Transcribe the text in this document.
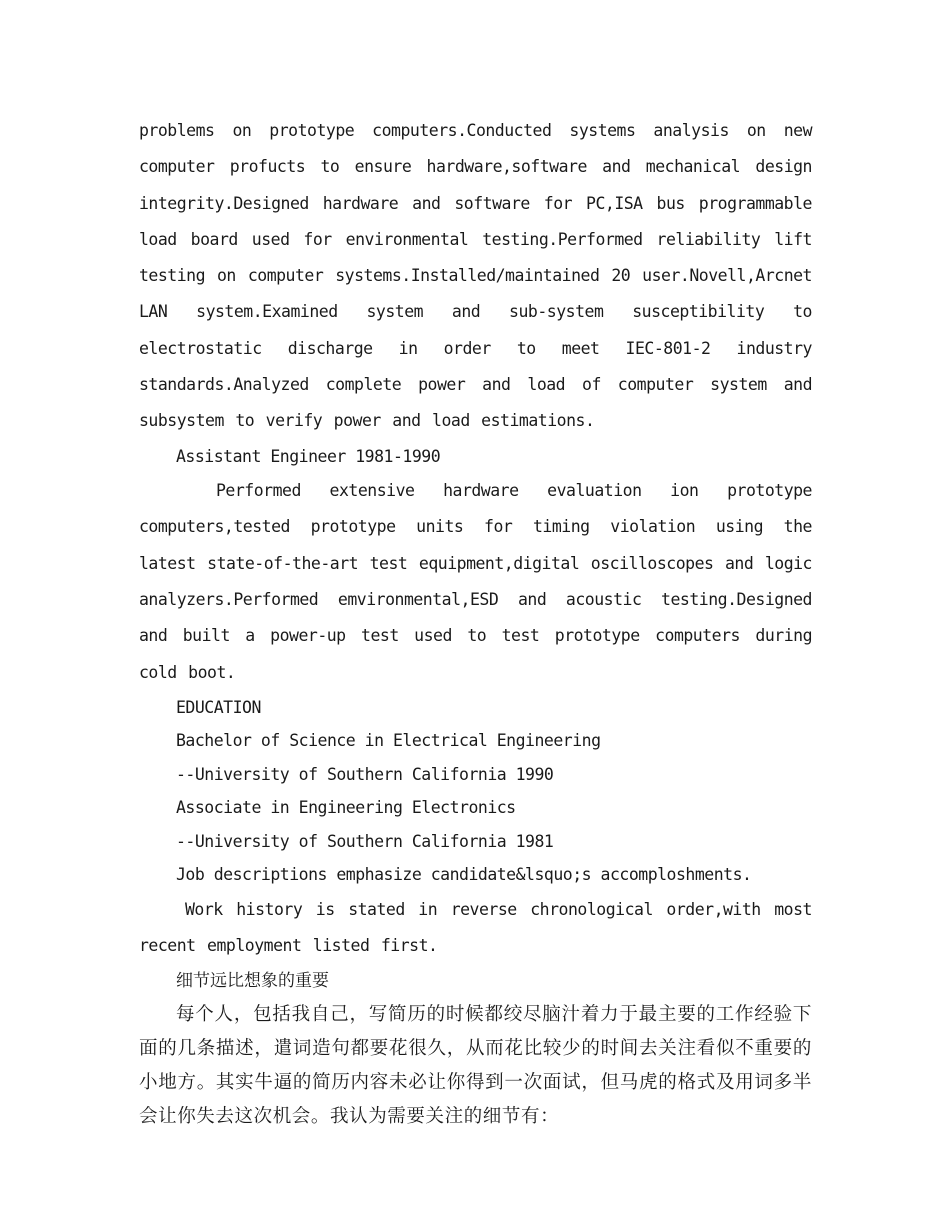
problems on prototype computers.Conducted systems analysis on new computer profucts to ensure hardware,software and mechanical design integrity.Designed hardware and software for PC,ISA bus programmable load board used for environmental testing.Performed reliability lift testing on computer systems.Installed/maintained 20 user.Novell,Arcnet LAN system.Examined system and sub-system susceptibility to electrostatic discharge in order to meet IEC-801-2 industry standards.Analyzed complete power and load of computer system and subsystem to verify power and load estimations.

Assistant Engineer 1981-1990

Performed extensive hardware evaluation ion prototype computers,tested prototype units for timing violation using the latest state-of-the-art test equipment,digital oscilloscopes and logic analyzers.Performed emvironmental,ESD and acoustic testing.Designed and built a power-up test used to test prototype computers during cold boot.

EDUCATION

Bachelor of Science in Electrical Engineering

--University of Southern California 1990

Associate in Engineering Electronics

--University of Southern California 1981

Job descriptions emphasize candidate&lsquo;s accomploshments.

Work history is stated in reverse chronological order,with most recent employment listed first.

细节远比想象的重要

每个人，包括我自己，写简历的时候都绞尽脑汁着力于最主要的工作经验下面的几条描述，遣词造句都要花很久，从而花比较少的时间去关注看似不重要的小地方。其实牛逼的简历内容未必让你得到一次面试，但马虎的格式及用词多半会让你失去这次机会。我认为需要关注的细节有：
